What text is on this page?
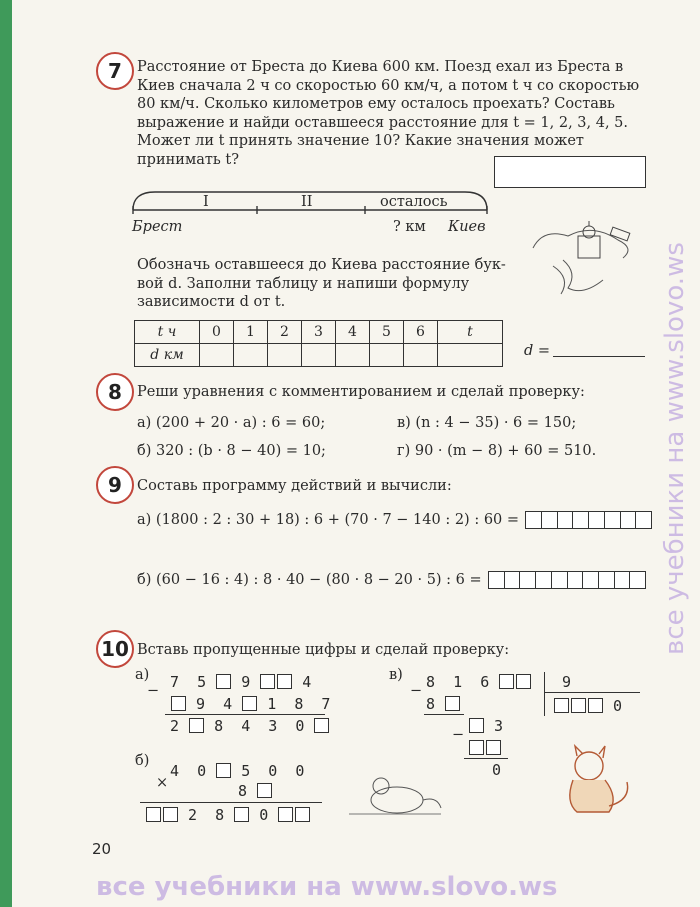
все учебники на www.slovo.ws
7	Расстояние от Бреста до Киева 600 км. Поезд ехал из Бреста в
Киев сначала 2 ч со скоростью 60 км/ч, а потом t ч со скоростью
80 км/ч. Сколько километров ему осталось проехать? Составь
выражение и найди оставшееся расстояние для t = 1, 2, 3, 4, 5.
Может ли t принять значение 10? Какие значения может
принимать t?
I	II	осталось
Брест	? км Киев
Обозначь оставшееся до Киева расстояние бук-
вой d. Заполни таблицу и напиши формулу
зависимости d от t.
t ч	0	1	2	3	4	5	6	t
d км									d =
8	Реши уравнения с комментированием и сделай проверку:
а) (200 + 20 · a) : 6 = 60;	в) (n : 4 − 35) · 6 = 150;
б) 320 : (b · 8 − 40) = 10;	г) 90 · (m − 8) + 60 = 510.
9	Составь программу действий и вычисли:
а) (1800 : 2 : 30 + 18) : 6 + (70 · 7 − 140 : 2) : 60 =
б) (60 − 16 : 4) : 8 · 40 − (80 · 8 − 20 · 5) : 6 =
10 Вставь пропущенные цифры и сделай проверку:
а)
− 7 5 9	4
9 4 1 8 7
2 8 4 3 0
б)
4 0 5 0 0
×	8
2 8 0
в)
− 8 1 6	9
0
8
−	3
0
20
все учебники на www.slovo.ws
